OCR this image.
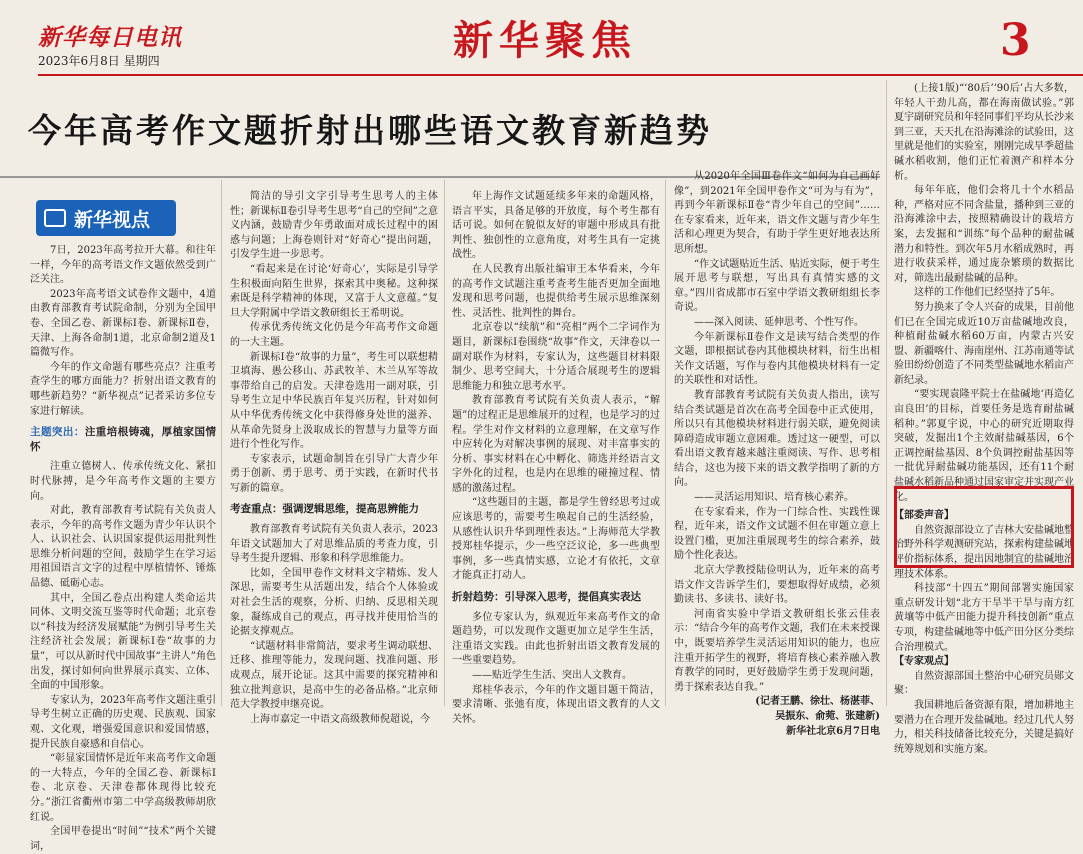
新华每日电讯
2023年6月8日 星期四	新华聚焦	3
今年高考作文题折射出哪些语文教育新趋势
新华视点

7日，2023年高考拉开大幕。和往年一样，今年的高考语文作文题依然受到广泛关注。

2023年高考语文试卷作文题中，4道由教育部教育考试院命制，分别为全国甲卷、全国乙卷、新课标Ⅰ卷、新课标Ⅱ卷，天津、上海各命制1道，北京命制2道及1篇微写作。

今年的作文命题有哪些亮点？注重考查学生的哪方面能力？折射出语文教育的哪些新趋势？“新华视点”记者采访多位专家进行解读。

主题突出：注重培根铸魂，厚植家国情怀

注重立德树人、传承传统文化、紧扣时代脉搏，是今年高考作文题的主要方向。

对此，教育部教育考试院有关负责人表示，今年的高考作文题为青少年认识个人、认识社会、认识国家提供运用批判性思维分析问题的空间，鼓励学生在学习运用祖国语言文字的过程中厚植情怀、锤炼品德、砥砺心志。

其中，全国乙卷点出构建人类命运共同体、文明交流互鉴等时代命题；北京卷以“科技为经济发展赋能”为例引导考生关注经济社会发展；新课标Ⅰ卷“故事的力量”，可以从新时代中国故事“主讲人”角色出发，探讨如何向世界展示真实、立体、全面的中国形象。

专家认为，2023年高考作文题注重引导考生树立正确的历史观、民族观、国家观、文化观，增强爱国意识和爱国情感，提升民族自豪感和自信心。

“彰显家国情怀是近年来高考作文命题的一大特点，今年的全国乙卷、新课标Ⅰ卷、北京卷、天津卷都体现得比较充分。”浙江省衢州市第二中学高级教师胡欣红说。

全国甲卷提出“时间”“技术”两个关键词，

简洁的导引文字引导考生思考人的主体性；新课标Ⅱ卷引导考生思考“自己的空间”之意义内涵，鼓励青少年勇敢面对成长过程中的困惑与问题；上海卷则针对“好奇心”提出问题，引发学生进一步思考。

“看起来是在讨论‘好奇心’，实际是引导学生积极面向陌生世界，探索其中奥秘。这种探索既是科学精神的体现，又富于人文意蕴。”复旦大学附属中学语文教研组长王希明说。

传承优秀传统文化仍是今年高考作文命题的一大主题。

新课标Ⅰ卷“故事的力量”，考生可以联想精卫填海、愚公移山、苏武牧羊、木兰从军等故事带给自己的启发。天津卷选用一副对联，引导考生立足中华民族百年复兴历程，针对如何从中华优秀传统文化中获得修身处世的滋养、从革命先贤身上汲取成长的智慧与力量等方面进行个性化写作。

专家表示，试题命制旨在引导广大青少年勇于创新、勇于思考、勇于实践，在新时代书写新的篇章。

考查重点：强调逻辑思维，提高思辨能力

教育部教育考试院有关负责人表示，2023年语文试题加大了对思维品质的考查力度，引导考生提升逻辑、形象和科学思维能力。

比如，全国甲卷作文材料文字精炼、发人深思，需要考生从活题出发，结合个人体验或对社会生活的观察，分析、归纳、反思相关现象，凝练成自己的观点，再寻找并使用恰当的论据支撑观点。

“试题材料非常简洁，要求考生调动联想、迁移、推理等能力，发现问题、找准问题、形成观点，展开论证。这其中需要的探究精神和独立批判意识，是高中生的必备品格。”北京师范大学教授申继亮说。

上海市嘉定一中语文高级教师倪超说，今

年上海作文试题延续多年来的命题风格，语言平实，具备足够的开放度，每个考生都有话可说。如何在貌似友好的审题中形成具有批判性、独创性的立意角度，对考生具有一定挑战性。

在人民教育出版社编审王本华看来，今年的高考作文试题注重考查考生能否更加全面地发现和思考问题，也提供给考生展示思维深刻性、灵活性、批判性的舞台。

北京卷以“续航”和“亮相”两个二字词作为题目，新课标Ⅰ卷围绕“故事”作文，天津卷以一副对联作为材料，专家认为，这些题目材料限制少、思考空间大，十分适合展现考生的逻辑思维能力和独立思考水平。

教育部教育考试院有关负责人表示，“解题”的过程正是思维展开的过程，也是学习的过程。学生对作文材料的立意理解，在文章写作中应转化为对解决事例的展现、对丰富事实的分析、事实材料在心中孵化、筛选并经语言文字外化的过程，也是内在思维的碰撞过程、情感的激荡过程。

“这些题目的主题，都是学生曾经思考过或应该思考的，需要考生唤起自己的生活经验，从感性认识升华到理性表达。”上海师范大学教授郑桂华提示，少一些空泛议论，多一些典型事例，多一些真情实感，立论才有依托，文章才能真正打动人。

折射趋势：引导深入思考，提倡真实表达

多位专家认为，纵观近年来高考作文的命题趋势，可以发现作文题更加立足学生生活，注重语文实践。由此也折射出语文教育发展的一些重要趋势。

——贴近学生生活、突出人文教育。

郑桂华表示，今年的作文题目题干简洁，要求清晰、张弛有度，体现出语文教育的人文关怀。

从2020年全国Ⅲ卷作文“如何为自己画好像”，到2021年全国甲卷作文“可为与有为”，再到今年新课标Ⅱ卷“青少年自己的空间”……在专家看来，近年来，语文作文题与青少年生活和心理更为契合，有助于学生更好地表达所思所想。

“作文试题贴近生活、贴近实际，便于考生展开思考与联想，写出具有真情实感的文章。”四川省成都市石室中学语文教研组组长李奇说。

——深入阅读、延伸思考、个性写作。

今年新课标Ⅱ卷作文是读写结合类型的作文题，即根据试卷内其他模块材料，衍生出相关作文话题，写作与卷内其他模块材料有一定的关联性和对话性。

教育部教育考试院有关负责人指出，读写结合类试题是首次在高考全国卷中正式使用，所以只有其他模块材料进行弱关联，避免阅读障碍造成审题立意困难。透过这一硬型，可以看出语文教育越来越注重阅读、写作、思考相结合，这也为接下来的语文教学指明了新的方向。

——灵活运用知识、培育核心素养。

在专家看来，作为一门综合性、实践性课程，近年来，语文作文试题不但在审题立意上设置门槛，更加注重展现考生的综合素养，鼓励个性化表达。

北京大学教授陆俭明认为，近年来的高考语文作文告诉学生们，要想取得好成绩，必须勤读书、多读书、读好书。

河南省实验中学语文教研组长张云佳表示：“结合今年的高考作文题，我们在未来授课中，既要培养学生灵活运用知识的能力，也应注重开拓学生的视野，将培育核心素养融入教育教学的同时，更好鼓励学生勇于发现问题，勇于探索表达自我。”

(记者王鹏、徐壮、杨湛菲、
吴振东、俞菀、张建新)
新华社北京6月7日电

(上接1版)“‘80后’‘90后’占大多数，年轻人干劲儿高，都在海南做试验。”郭夏宇副研究员和年轻同事们平均从长沙来到三亚，天天扎在沿海滩涂的试验田，这里就是他们的实验室，刚刚完成早季超盐碱水稻收割，他们正忙着测产和样本分析。

每年年底，他们会将几十个水稻品种，严格对应不同含盐量，播种到三亚的沿海滩涂中去，按照精确设计的栽培方案，去发掘和“训练”每个品种的耐盐碱潜力和特性。到次年5月水稻成熟时，再进行收获采样，通过庞杂繁琐的数据比对，筛选出最耐盐碱的品种。

这样的工作他们已经坚持了5年。

努力换来了令人兴奋的成果，目前他们已在全国完成近10万亩盐碱地改良，种植耐盐碱水稻60万亩，内蒙古兴安盟、新疆喀什、海南崖州、江苏南通等试验田纷纷创造了不同类型盐碱地水稻亩产新纪录。

“要实现袁隆平院士在盐碱地‘再造亿亩良田’的目标，首要任务是选育耐盐碱稻种。”郭夏宇说，中心的研究近期取得突破，发掘出1个主效耐盐碱基因，6个正调控耐盐基因、8个负调控耐盐基因等一批优异耐盐碱功能基因，还有11个耐盐碱水稻新品种通过国家审定并实现产业化。

【部委声音】

自然资源部设立了吉林大安盐碱地整治野外科学观测研究站，探索构建盐碱地评价指标体系，提出因地制宜的盐碱地治理技术体系。

科技部“十四五”期间部署实施国家重点研发计划“北方干旱半干旱与南方红黄壤等中低产田能力提升科技创新”重点专项，构建盐碱地等中低产田分区分类综合治理模式。

【专家观点】

自然资源部国土整治中心研究员郧文聚：

我国耕地后备资源有限，增加耕地主要潜力在合理开发盐碱地。经过几代人努力，相关科技储备比较充分，关键是搞好统筹规划和实施方案。
